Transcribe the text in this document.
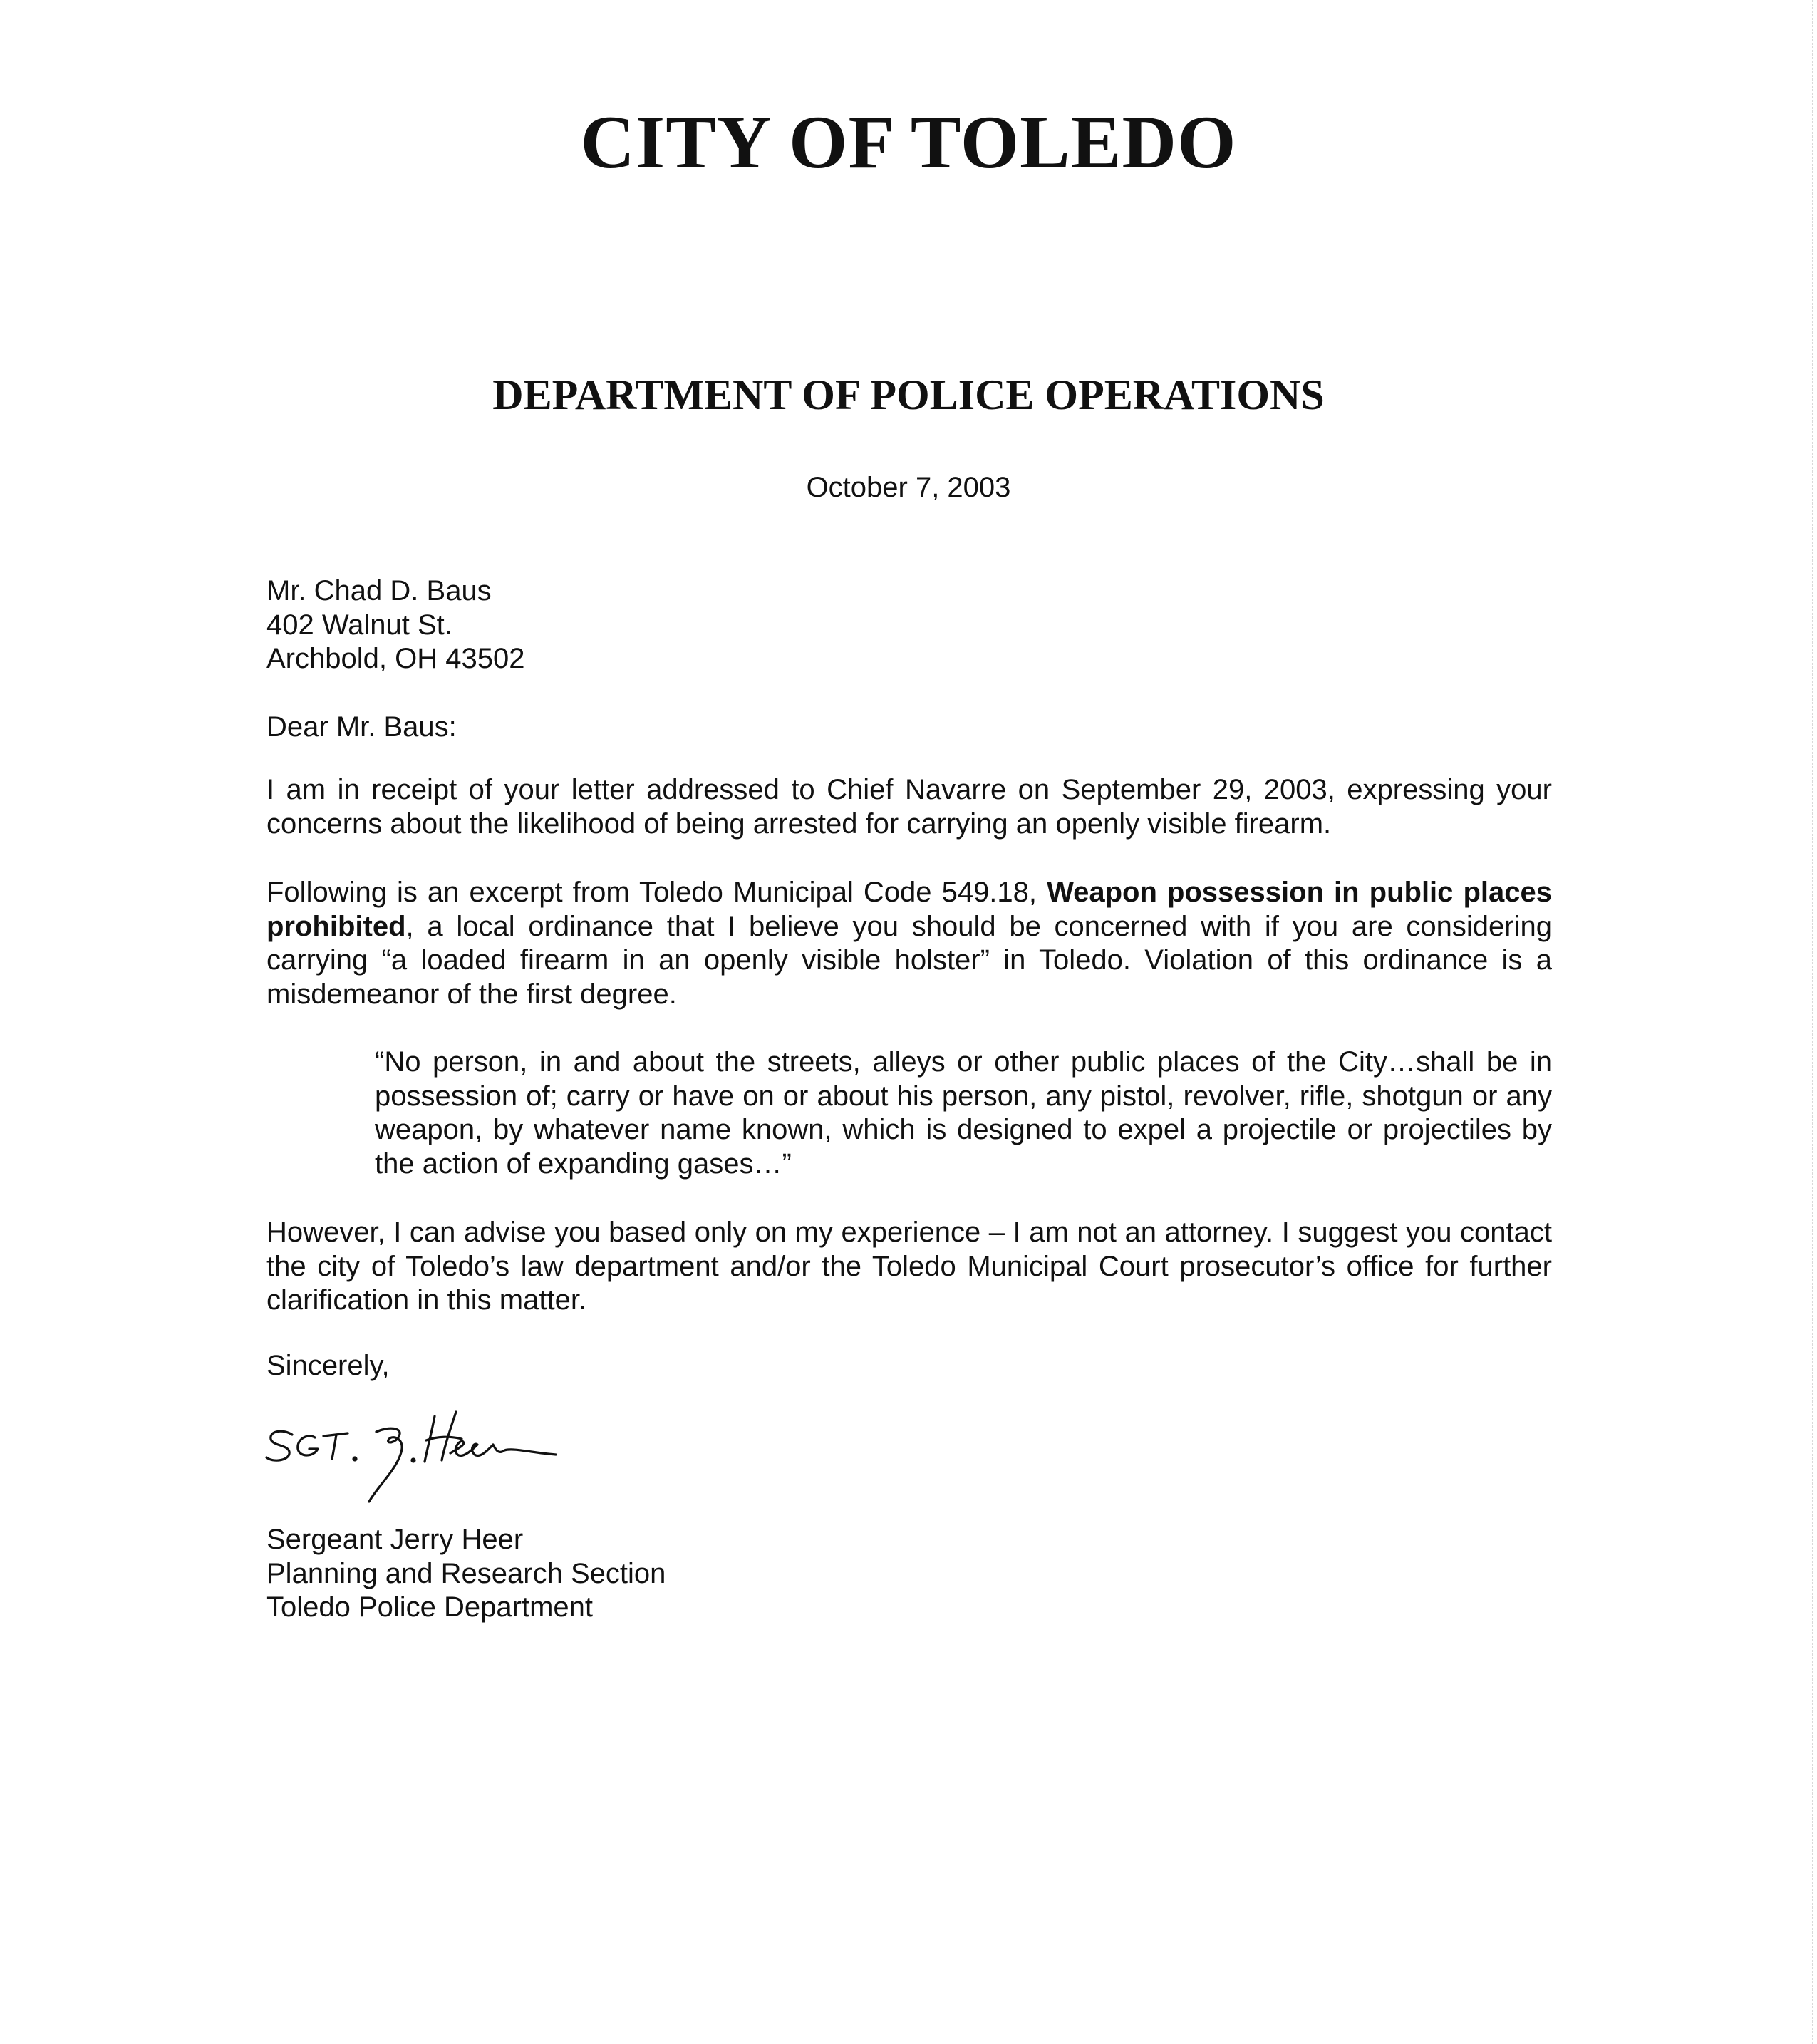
CITY OF TOLEDO
DEPARTMENT OF POLICE OPERATIONS
October 7, 2003
Mr. Chad D. Baus
402 Walnut St.
Archbold, OH 43502
Dear Mr. Baus:

I am in receipt of your letter addressed to Chief Navarre on September 29, 2003, expressing your concerns about the likelihood of being arrested for carrying an openly visible firearm.

Following is an excerpt from Toledo Municipal Code 549.18, Weapon possession in public places prohibited, a local ordinance that I believe you should be concerned with if you are considering carrying “a loaded firearm in an openly visible holster” in Toledo. Violation of this ordinance is a misdemeanor of the first degree.

“No person, in and about the streets, alleys or other public places of the City…shall be in possession of; carry or have on or about his person, any pistol, revolver, rifle, shotgun or any weapon, by whatever name known, which is designed to expel a projectile or projectiles by the action of expanding gases…”

However, I can advise you based only on my experience – I am not an attorney. I suggest you contact the city of Toledo’s law department and/or the Toledo Municipal Court prosecutor’s office for further clarification in this matter.

Sincerely,
Sergeant Jerry Heer
Planning and Research Section
Toledo Police Department
